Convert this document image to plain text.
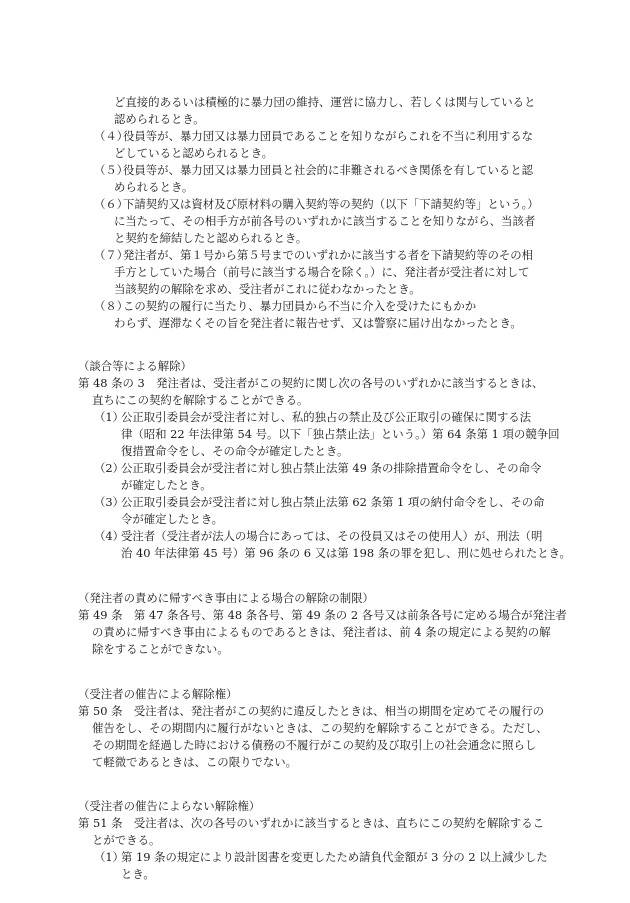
ど直接的あるいは積極的に暴力団の維持、運営に協力し、若しくは関与していると
認められるとき。
（４）
役員等が、暴力団又は暴力団員であることを知りながらこれを不当に利用するな
どしていると認められるとき。
（５）
役員等が、暴力団又は暴力団員と社会的に非難されるべき関係を有していると認
められるとき。
（６）
下請契約又は資材及び原材料の購入契約等の契約（以下「下請契約等」という。）
に当たって、その相手方が前各号のいずれかに該当することを知りながら、当該者
と契約を締結したと認められるとき。
（７）
発注者が、第１号から第５号までのいずれかに該当する者を下請契約等のその相
手方としていた場合（前号に該当する場合を除く。）に、発注者が受注者に対して
当該契約の解除を求め、受注者がこれに従わなかったとき。
（８）
この契約の履行に当たり、暴力団員から不当に介入を受けたにもかか
わらず、遅滞なくその旨を発注者に報告せず、又は警察に届け出なかったとき。
（談合等による解除）
第 48 条の 3　発注者は、受注者がこの契約に関し次の各号のいずれかに該当するときは、
直ちにこの契約を解除することができる。
（1）
公正取引委員会が受注者に対し、私的独占の禁止及び公正取引の確保に関する法
律（昭和 22 年法律第 54 号。以下「独占禁止法」という。）第 64 条第 1 項の競争回
復措置命令をし、その命令が確定したとき。
（2）
公正取引委員会が受注者に対し独占禁止法第 49 条の排除措置命令をし、その命令
が確定したとき。
（3）
公正取引委員会が受注者に対し独占禁止法第 62 条第 1 項の納付命令をし、その命
令が確定したとき。
（4）
受注者（受注者が法人の場合にあっては、その役員又はその使用人）が、刑法（明
治 40 年法律第 45 号）第 96 条の 6 又は第 198 条の罪を犯し、刑に処せられたとき。
（発注者の責めに帰すべき事由による場合の解除の制限）
第 49 条　第 47 条各号、第 48 条各号、第 49 条の 2 各号又は前条各号に定める場合が発注者
の責めに帰すべき事由によるものであるときは、発注者は、前 4 条の規定による契約の解
除をすることができない。
（受注者の催告による解除権）
第 50 条　受注者は、発注者がこの契約に違反したときは、相当の期間を定めてその履行の
催告をし、その期間内に履行がないときは、この契約を解除することができる。ただし、
その期間を経過した時における債務の不履行がこの契約及び取引上の社会通念に照らし
て軽微であるときは、この限りでない。
（受注者の催告によらない解除権）
第 51 条　受注者は、次の各号のいずれかに該当するときは、直ちにこの契約を解除するこ
とができる。
（1）
第 19 条の規定により設計図書を変更したため請負代金額が 3 分の 2 以上減少した
とき。
